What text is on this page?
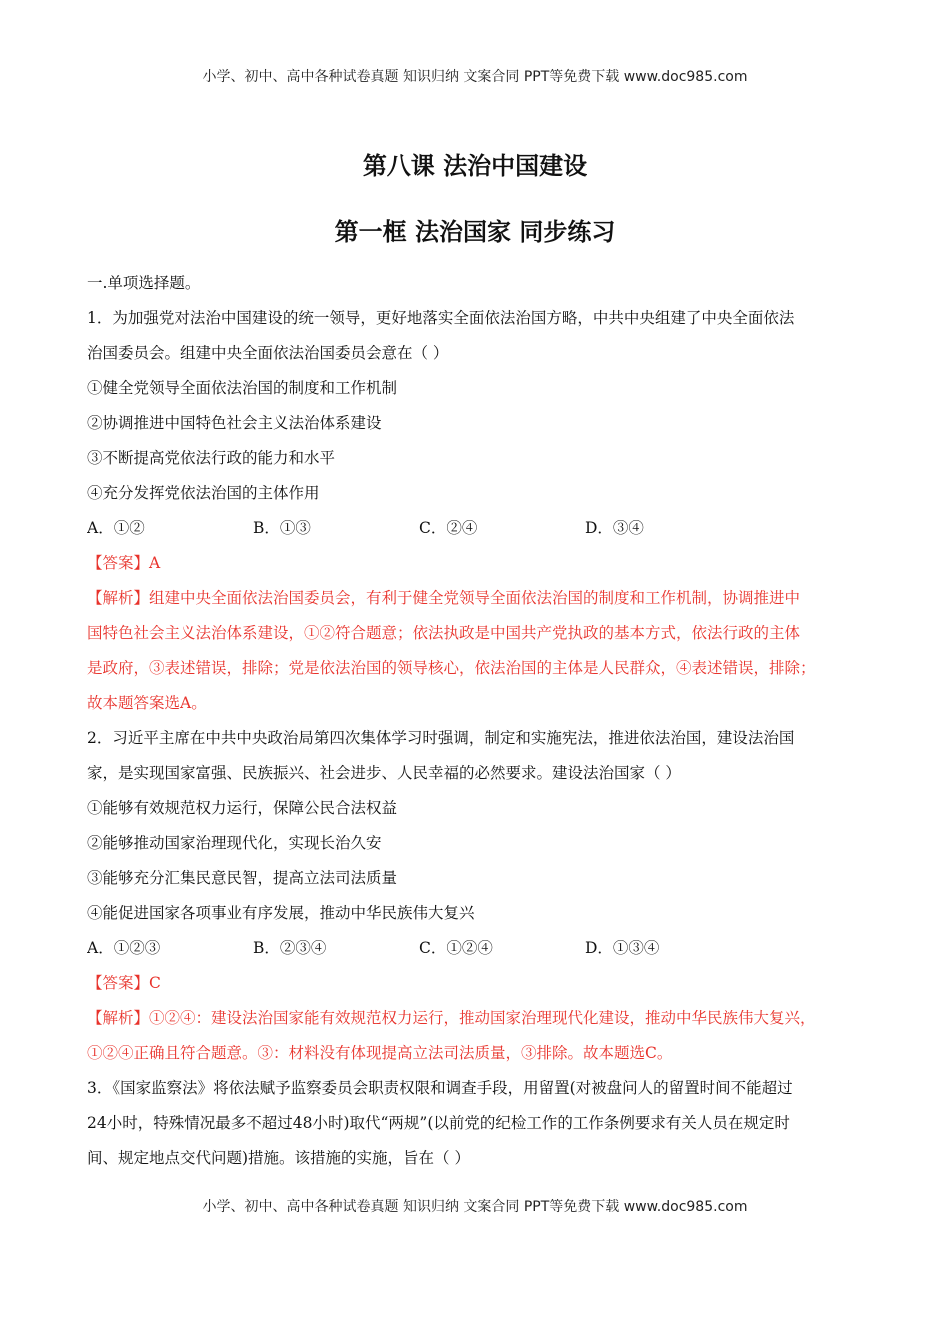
小学、初中、高中各种试卷真题 知识归纳 文案合同 PPT等免费下载 www.doc985.com
第八课 法治中国建设
第一框 法治国家 同步练习
一.单项选择题。
1．为加强党对法治中国建设的统一领导，更好地落实全面依法治国方略，中共中央组建了中央全面依法
治国委员会。组建中央全面依法治国委员会意在（ ）
①健全党领导全面依法治国的制度和工作机制
②协调推进中国特色社会主义法治体系建设
③不断提高党依法行政的能力和水平
④充分发挥党依法治国的主体作用
A．①②	B．①③	C．②④	D．③④
【答案】A
【解析】组建中央全面依法治国委员会，有利于健全党领导全面依法治国的制度和工作机制，协调推进中
国特色社会主义法治体系建设，①②符合题意；依法执政是中国共产党执政的基本方式，依法行政的主体
是政府，③表述错误，排除；党是依法治国的领导核心，依法治国的主体是人民群众，④表述错误，排除；
故本题答案选A。
2．习近平主席在中共中央政治局第四次集体学习时强调，制定和实施宪法，推进依法治国，建设法治国
家，是实现国家富强、民族振兴、社会进步、人民幸福的必然要求。建设法治国家（ ）
①能够有效规范权力运行，保障公民合法权益
②能够推动国家治理现代化，实现长治久安
③能够充分汇集民意民智，提高立法司法质量
④能促进国家各项事业有序发展，推动中华民族伟大复兴
A．①②③	B．②③④	C．①②④	D．①③④
【答案】C
【解析】①②④：建设法治国家能有效规范权力运行，推动国家治理现代化建设，推动中华民族伟大复兴，
①②④正确且符合题意。③：材料没有体现提高立法司法质量，③排除。故本题选C。
3．《国家监察法》将依法赋予监察委员会职责权限和调查手段，用留置(对被盘问人的留置时间不能超过
24小时，特殊情况最多不超过48小时)取代“两规”(以前党的纪检工作的工作条例要求有关人员在规定时
间、规定地点交代问题)措施。该措施的实施，旨在（ ）
小学、初中、高中各种试卷真题 知识归纳 文案合同 PPT等免费下载 www.doc985.com
